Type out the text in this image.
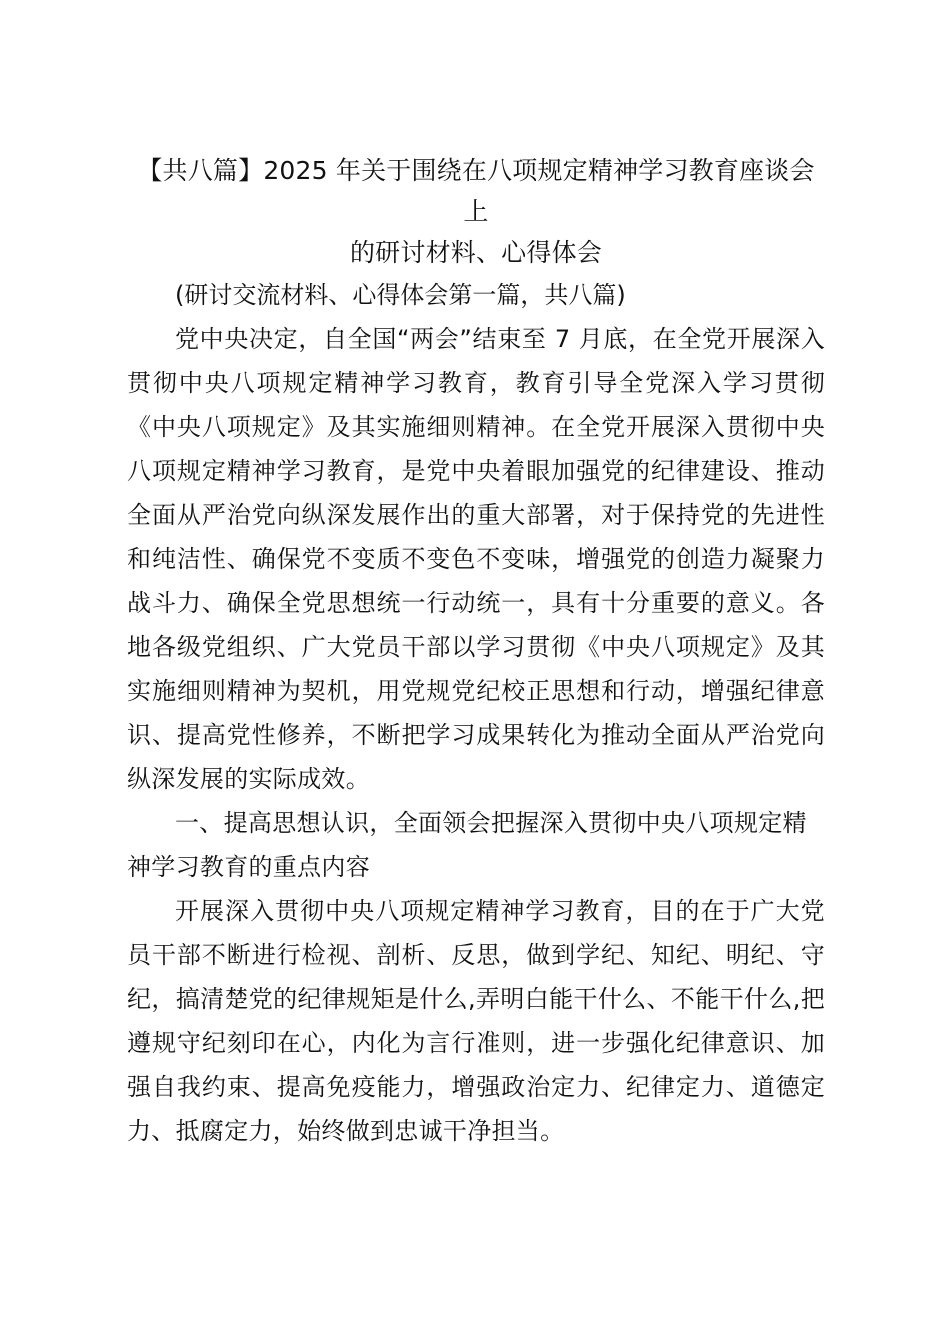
【共八篇】2025 年关于围绕在八项规定精神学习教育座谈会上
的研讨材料、心得体会

(研讨交流材料、心得体会第一篇，共八篇)

党中央决定，自全国“两会”结束至 7 月底，在全党开展深入贯彻中央八项规定精神学习教育，教育引导全党深入学习贯彻《中央八项规定》及其实施细则精神。在全党开展深入贯彻中央八项规定精神学习教育，是党中央着眼加强党的纪律建设、推动全面从严治党向纵深发展作出的重大部署，对于保持党的先进性和纯洁性、确保党不变质不变色不变味，增强党的创造力凝聚力战斗力、确保全党思想统一行动统一，具有十分重要的意义。各地各级党组织、广大党员干部以学习贯彻《中央八项规定》及其实施细则精神为契机，用党规党纪校正思想和行动，增强纪律意识、提高党性修养，不断把学习成果转化为推动全面从严治党向纵深发展的实际成效。

一、提高思想认识，全面领会把握深入贯彻中央八项规定精神学习教育的重点内容

开展深入贯彻中央八项规定精神学习教育，目的在于广大党员干部不断进行检视、剖析、反思，做到学纪、知纪、明纪、守纪，搞清楚党的纪律规矩是什么,弄明白能干什么、不能干什么,把遵规守纪刻印在心，内化为言行准则，进一步强化纪律意识、加强自我约束、提高免疫能力，增强政治定力、纪律定力、道德定力、抵腐定力，始终做到忠诚干净担当。
